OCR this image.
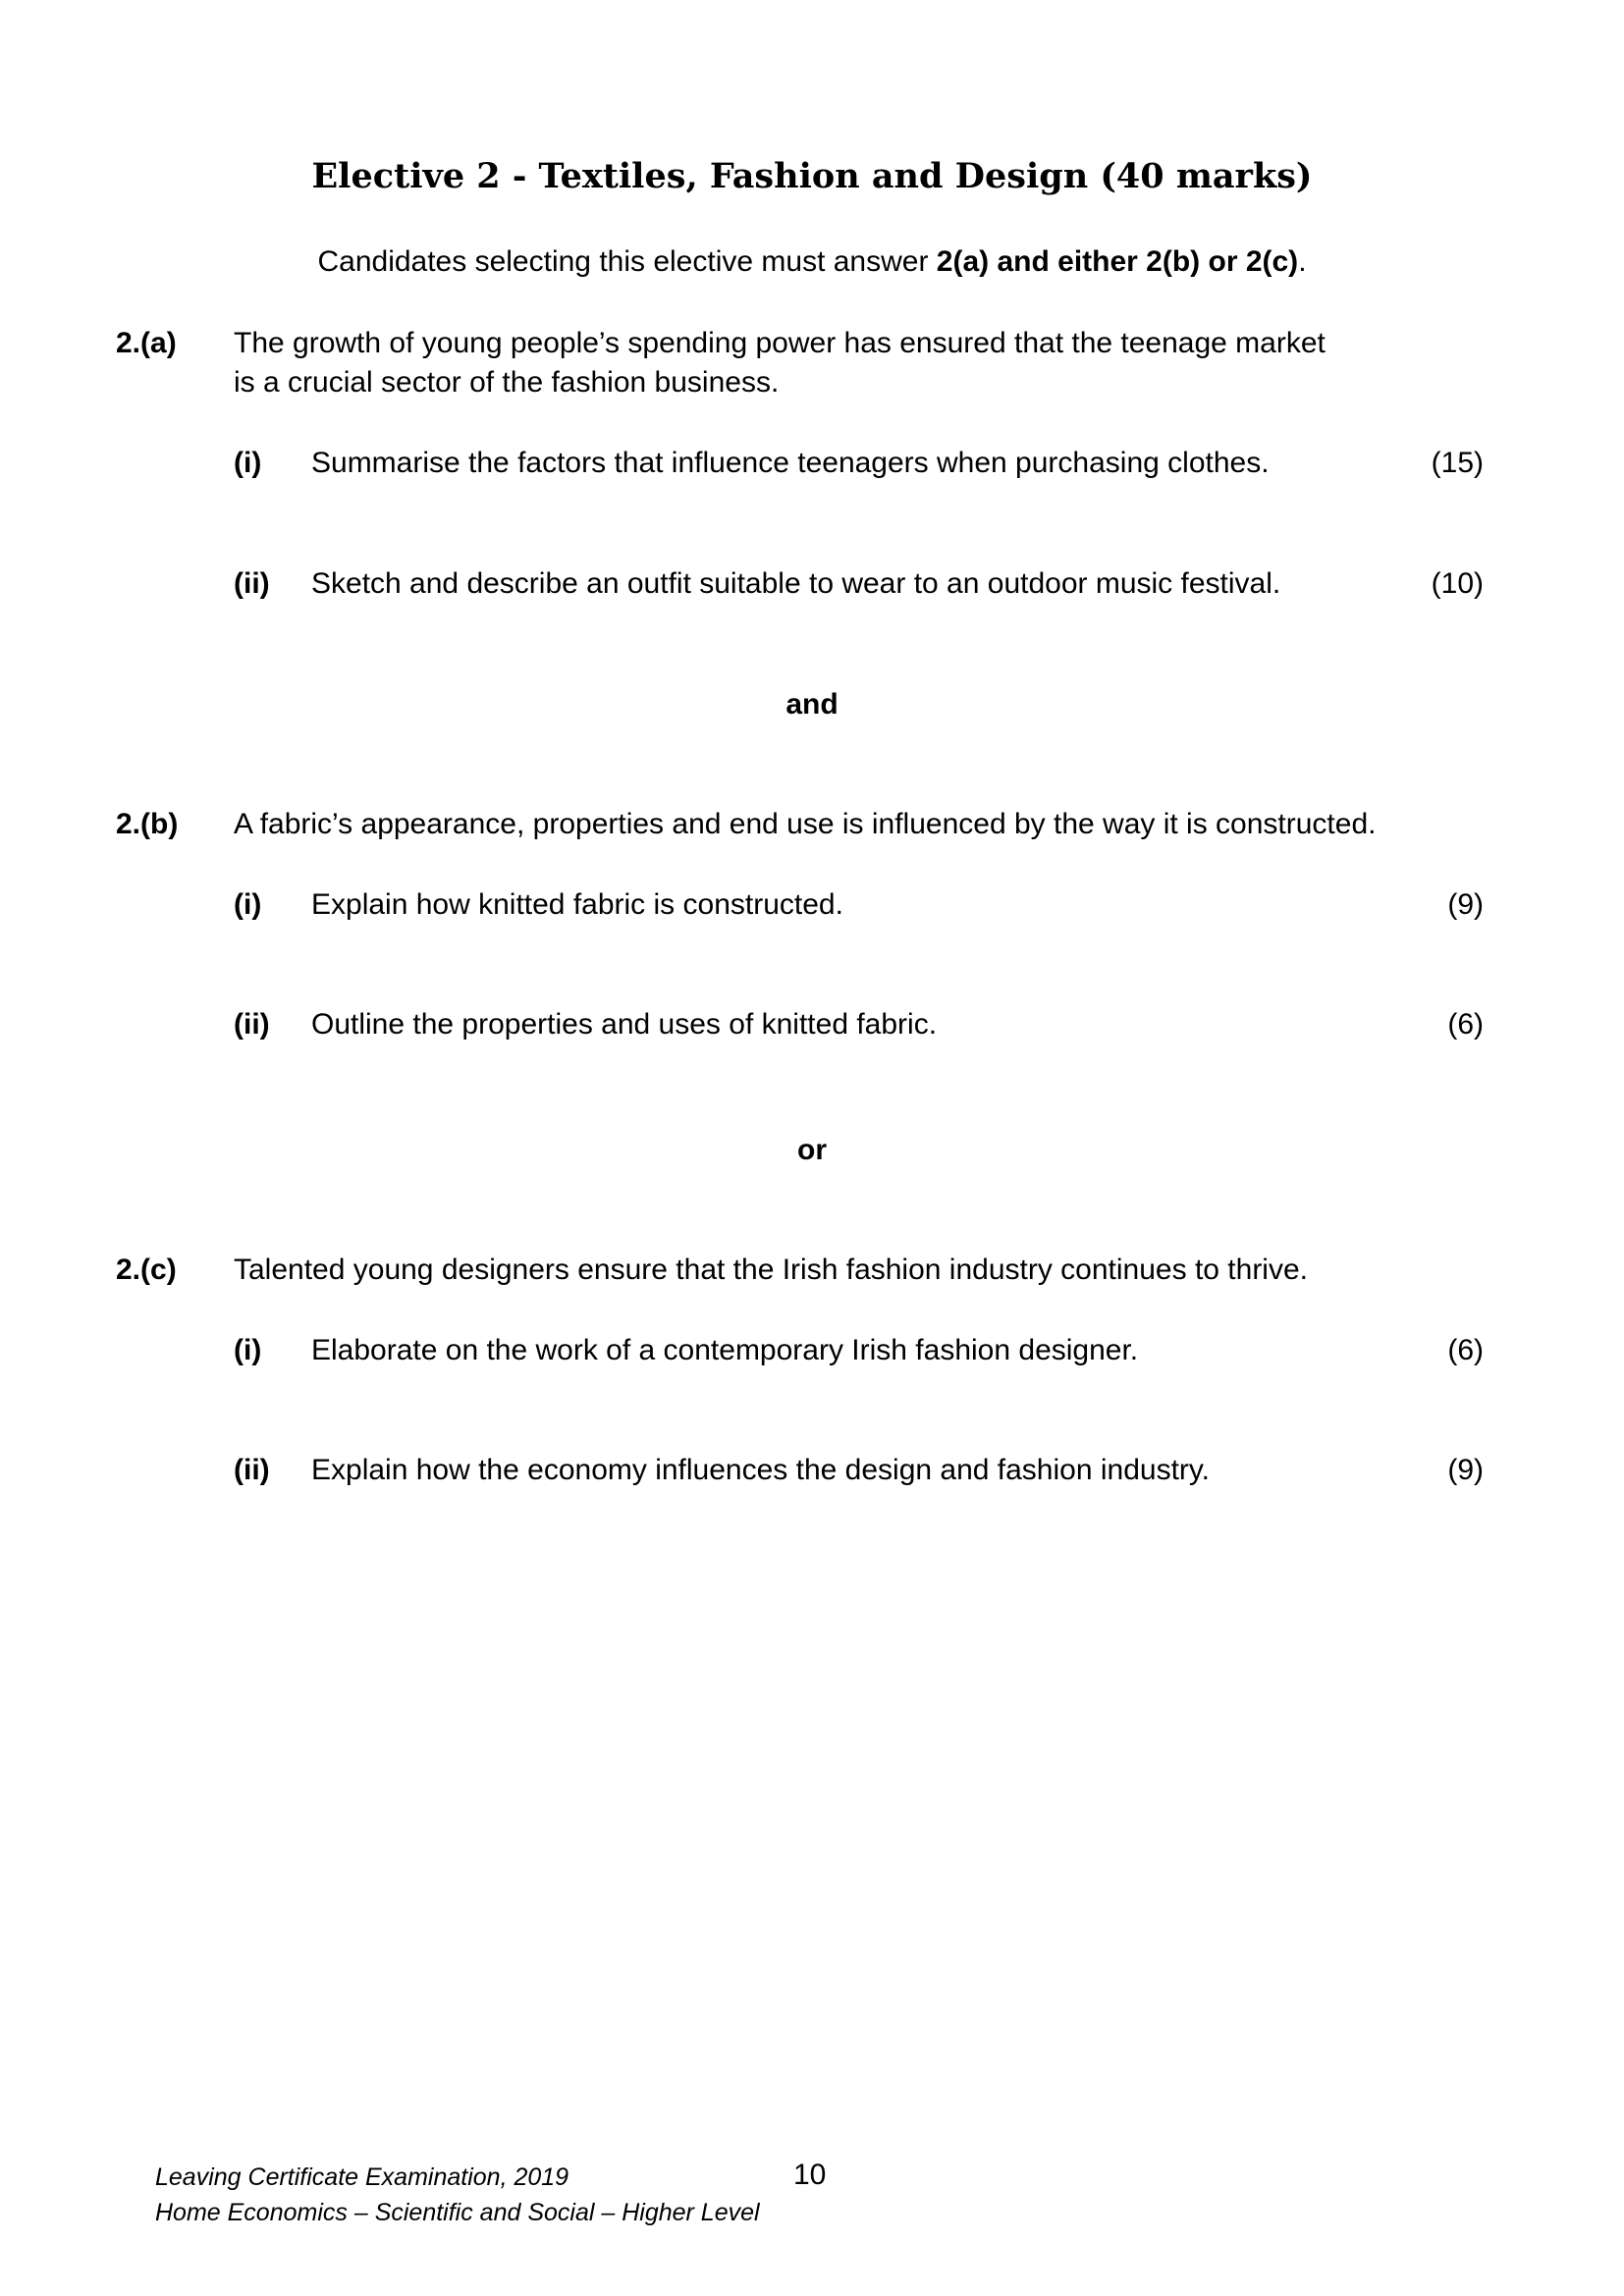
Elective 2 - Textiles, Fashion and Design (40 marks)
Candidates selecting this elective must answer 2(a) and either 2(b) or 2(c).
2.(a) The growth of young people’s spending power has ensured that the teenage market
is a crucial sector of the fashion business.
(i) Summarise the factors that influence teenagers when purchasing clothes.	(15)
(ii) Sketch and describe an outfit suitable to wear to an outdoor music festival.	(10)
and
2.(b) A fabric’s appearance, properties and end use is influenced by the way it is constructed.
(i) Explain how knitted fabric is constructed.	(9)
(ii) Outline the properties and uses of knitted fabric.	(6)
or
2.(c) Talented young designers ensure that the Irish fashion industry continues to thrive.
(i) Elaborate on the work of a contemporary Irish fashion designer.	(6)
(ii) Explain how the economy influences the design and fashion industry.	(9)
Leaving Certificate Examination, 2019
Home Economics – Scientific and Social – Higher Level
10
